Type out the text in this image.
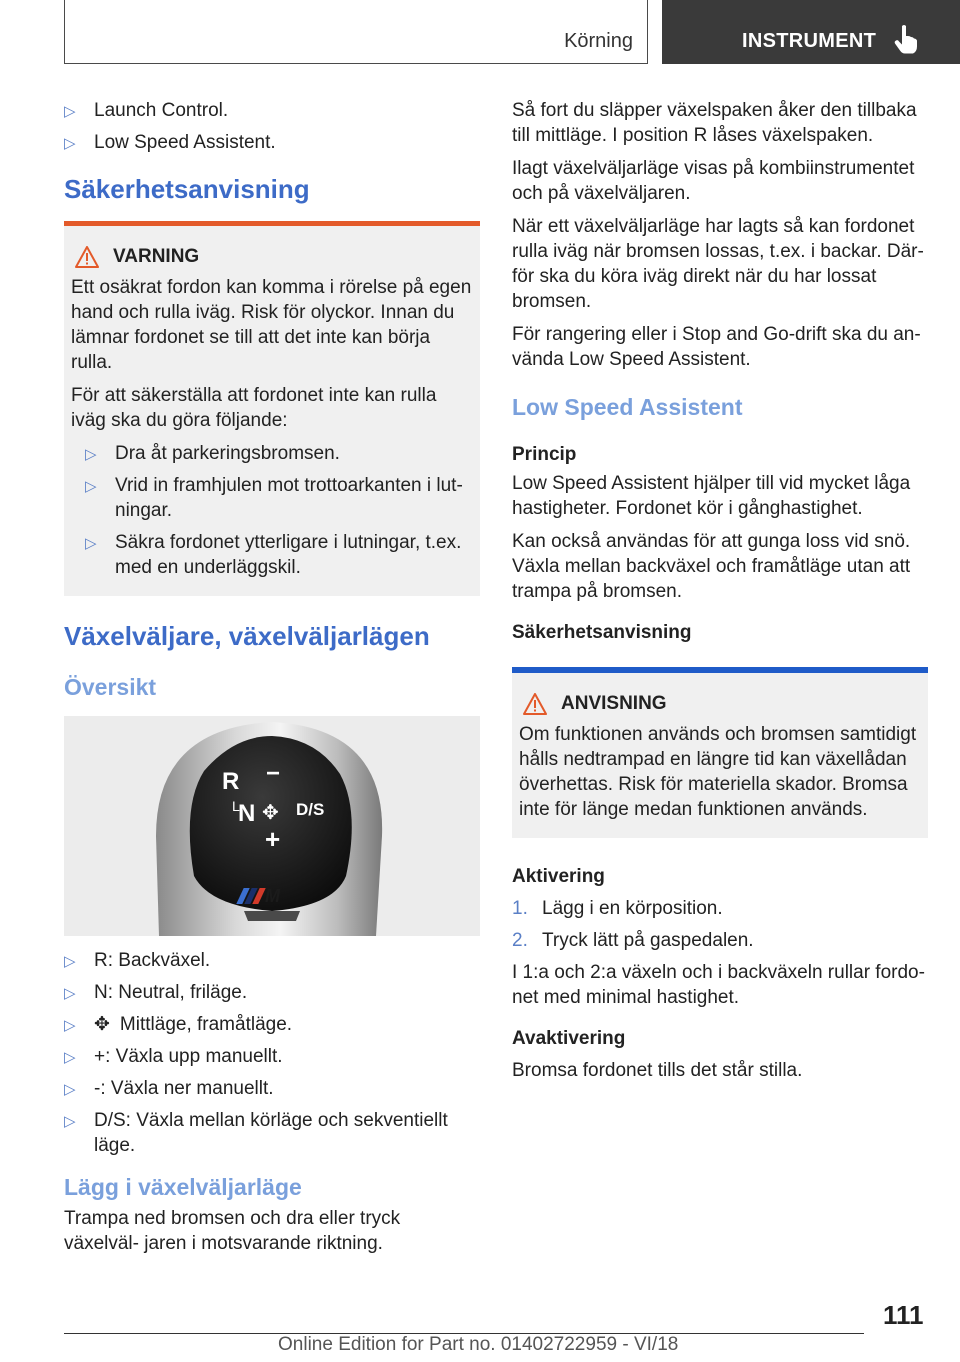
Körning	INSTRUMENT
▷ Launch Control.
▷ Low Speed Assistent.
Säkerhetsanvisning
VARNING

Ett osäkrat fordon kan komma i rörelse på egen hand och rulla iväg. Risk för olyckor. Innan du lämnar fordonet se till att det inte kan börja rulla.

För att säkerställa att fordonet inte kan rulla iväg ska du göra följande:

▷ Dra åt parkeringsbromsen.
▷ Vrid in framhjulen mot trottoarkanten i lut- ningar.
▷ Säkra fordonet ytterligare i lutningar, t.ex. med en underläggskil.
Växelväljare, växelväljarlägen
Översikt
R −
L
N ✥ D/S
+
M
▷ R: Backväxel.
▷ N: Neutral, friläge.
▷ ✥ Mittläge, framåtläge.
▷ +: Växla upp manuellt.
▷ -: Växla ner manuellt.
▷ D/S: Växla mellan körläge och sekventiellt läge.
Lägg i växelväljarläge

Trampa ned bromsen och dra eller tryck växelväl- jaren i motsvarande riktning.

Så fort du släpper växelspaken åker den tillbaka till mittläge. I position R låses växelspaken.

Ilagt växelväljarläge visas på kombiinstrumentet och på växelväljaren.

När ett växelväljarläge har lagts så kan fordonet rulla iväg när bromsen lossas, t.ex. i backar. Där- för ska du köra iväg direkt när du har lossat bromsen.

För rangering eller i Stop and Go-drift ska du an- vända Low Speed Assistent.

Low Speed Assistent
Princip

Low Speed Assistent hjälper till vid mycket låga hastigheter. Fordonet kör i gånghastighet.

Kan också användas för att gunga loss vid snö. Växla mellan backväxel och framåtläge utan att trampa på bromsen.

Säkerhetsanvisning
ANVISNING

Om funktionen används och bromsen samtidigt hålls nedtrampad en längre tid kan växellådan överhettas. Risk för materiella skador. Bromsa inte för länge medan funktionen används.

Aktivering
1. Lägg i en körposition.
2. Tryck lätt på gaspedalen.

I 1:a och 2:a växeln och i backväxeln rullar fordo- net med minimal hastighet.

Avaktivering

Bromsa fordonet tills det står stilla.

111
Online Edition for Part no. 01402722959 - VI/18
